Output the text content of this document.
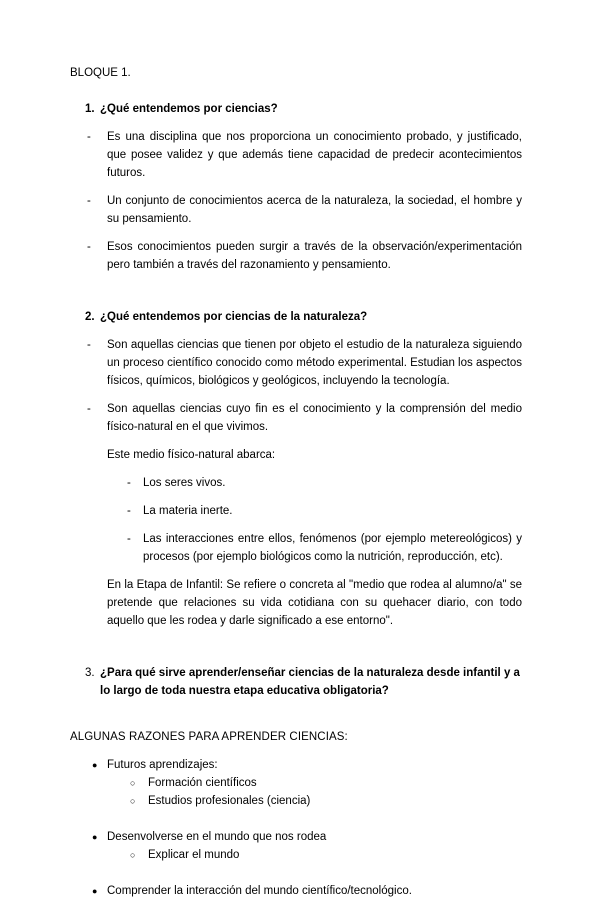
BLOQUE 1.

1. ¿Qué entendemos por ciencias?
- Es una disciplina que nos proporciona un conocimiento probado, y justificado, que posee validez y que además tiene capacidad de predecir acontecimientos futuros.
- Un conjunto de conocimientos acerca de la naturaleza, la sociedad, el hombre y su pensamiento.
- Esos conocimientos pueden surgir a través de la observación/experimentación pero también a través del razonamiento y pensamiento.
2. ¿Qué entendemos por ciencias de la naturaleza?
- Son aquellas ciencias que tienen por objeto el estudio de la naturaleza siguiendo un proceso científico conocido como método experimental. Estudian los aspectos físicos, químicos, biológicos y geológicos, incluyendo la tecnología.
- Son aquellas ciencias cuyo fin es el conocimiento y la comprensión del medio físico-natural en el que vivimos.

Este medio físico-natural abarca:

- Los seres vivos.
- La materia inerte.
- Las interacciones entre ellos, fenómenos (por ejemplo metereológicos) y procesos (por ejemplo biológicos como la nutrición, reproducción, etc).

En la Etapa de Infantil: Se refiere o concreta al "medio que rodea al alumno/a" se pretende que relaciones su vida cotidiana con su quehacer diario, con todo aquello que les rodea y darle significado a ese entorno".

3. ¿Para qué sirve aprender/enseñar ciencias de la naturaleza desde infantil y a lo largo de toda nuestra etapa educativa obligatoria?

ALGUNAS RAZONES PARA APRENDER CIENCIAS:

● Futuros aprendizajes:
○ Formación científicos
○ Estudios profesionales (ciencia)
● Desenvolverse en el mundo que nos rodea
○ Explicar el mundo
● Comprender la interacción del mundo científico/tecnológico.
